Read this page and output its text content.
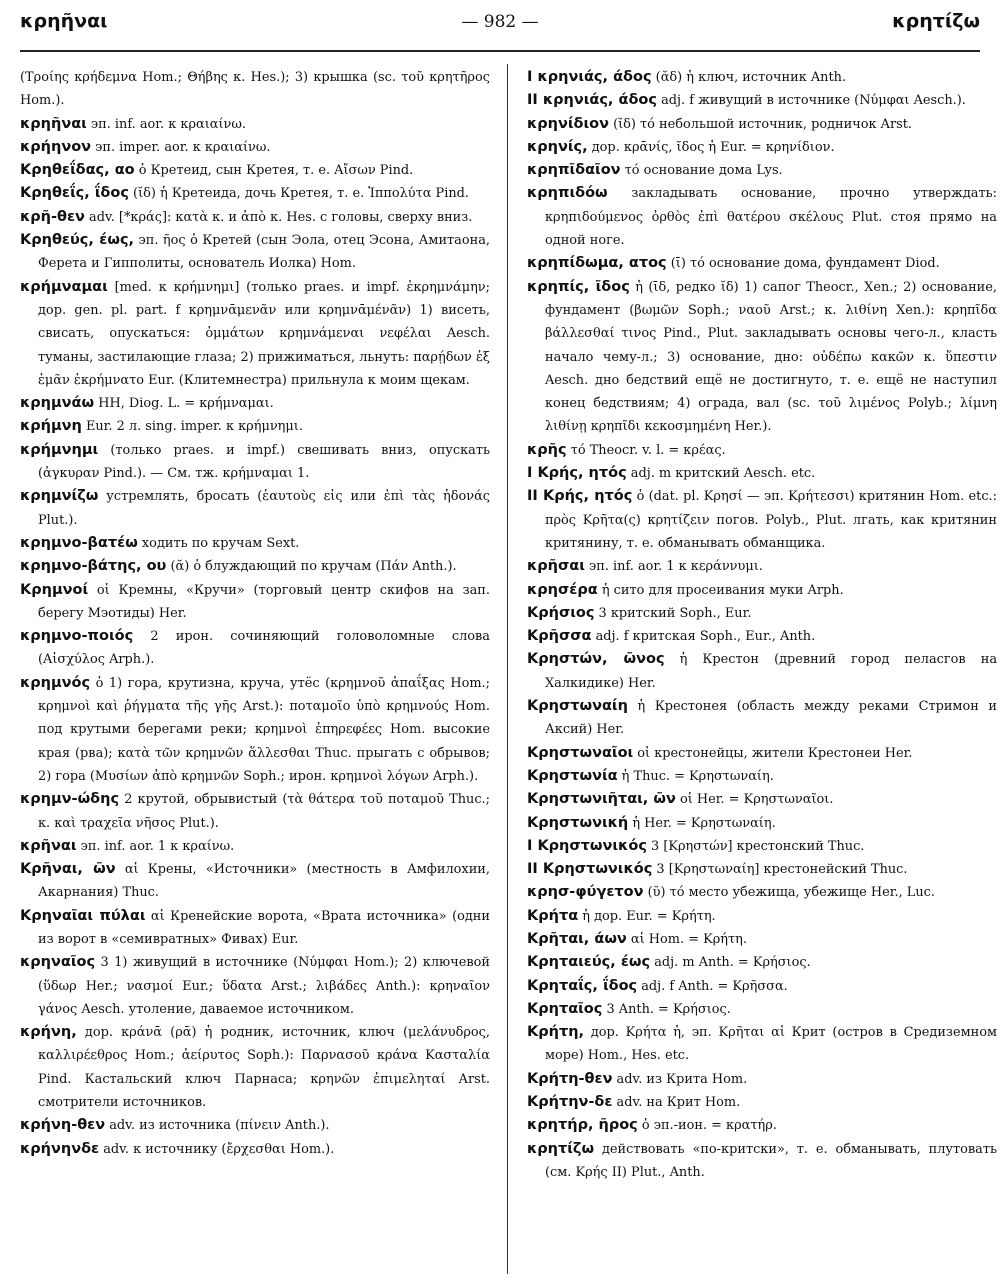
κρηῆναι	— 982 —	κρητίζω

(Τροίης κρήδεμνα Hom.; Θήβης κ. Hes.); 3) крышка (sc. τοῦ κρητῆρος Hom.).

κρηῆναι эп. inf. aor. к κραιαίνω.

κρήηνον эп. imper. aor. к κραιαίνω.

Κρηθεΐδας, αο ὁ Кретеид, сын Кретея, т. е. Αἴσων Pind.

Κρηθεΐς, ΐδος (ῐδ) ἡ Кретеида, дочь Кретея, т. е. Ἱππολύτα Pind.

κρῆ-θεν adv. [*κράς]: κατὰ κ. и ἀπὸ κ. Hes. с головы, сверху вниз.

Κρηθεύς, έως, эп. ῆος ὁ Кретей (сын Эола, отец Эсона, Амитаона, Ферета и Гипполиты, основатель Иолка) Hom.

κρήμναμαι [med. к κρήμνημι] (только praes. и impf. ἐκρημνάμην; дор. gen. pl. part. f κρημνᾱμενᾶν или κρημνᾱμένᾶν) 1) висеть, свисать, опускаться: ὀμμάτων κρημνάμεναι νεφέλαι Aesch. туманы, застилающие глаза; 2) прижиматься, льнуть: παρῄδων ἐξ ἐμᾶν ἐκρήμνατο Eur. (Клитемнестра) прильнула к моим щекам.

κρημνάω HH, Diog. L. = κρήμναμαι.

κρήμνη Eur. 2 л. sing. imper. к κρήμνημι.

κρήμνημι (только praes. и impf.) свешивать вниз, опускать (ἀγκυραν Pind.). — См. тж. κρήμναμαι 1.

κρημνίζω устремлять, бросать (ἑαυτοὺς εἰς или ἐπὶ τὰς ἡδονάς Plut.).

κρημνο-βατέω ходить по кручам Sext.

κρημνο-βάτης, ου (ᾰ) ὁ блуждающий по кручам (Πάν Anth.).

Κρημνοί οἱ Кремны, «Кручи» (торговый центр скифов на зап. берегу Мэотиды) Her.

κρημνο-ποιός 2 ирон. сочиняющий головоломные слова (Αἰσχύλος Arph.).

κρημνός ὁ 1) гора, крутизна, круча, утёс (κρημνοῦ ἀπαΐξας Hom.; κρημνοὶ καὶ ῥήγματα τῆς γῆς Arst.): ποταμοῖο ὑπὸ κρημνούς Hom. под крутыми берегами реки; κρημνοὶ ἐπηρεφέες Hom. высокие края (рва); κατὰ τῶν κρημνῶν ἅλλεσθαι Thuc. прыгать с обрывов; 2) гора (Μυσίων ἀπὸ κρημνῶν Soph.; ирон. κρημνοὶ λόγων Arph.).

κρημν-ώδης 2 крутой, обрывистый (τὰ θάτερα τοῦ ποταμοῦ Thuc.; κ. καὶ τραχεῖα νῆσος Plut.).

κρῆναι эп. inf. aor. 1 к κραίνω.

Κρῆναι, ῶν αἱ Крены, «Источники» (местность в Амфилохии, Акарнания) Thuc.

Κρηναῖαι πύλαι αἱ Кренейские ворота, «Врата источника» (одни из ворот в «семивратных» Фивах) Eur.

κρηναῖος 3 1) живущий в источнике (Νύμφαι Hom.); 2) ключевой (ὕδωρ Her.; νασμοί Eur.; ὕδατα Arst.; λιβάδες Anth.): κρηναῖον γάνος Aesch. утоление, даваемое источником.

κρήνη, дор. κράνᾱ (ρᾱ) ἡ родник, источник, ключ (μελάνυδρος, καλλιρέεθρος Hom.; ἀείρυτος Soph.): Παρνασοῦ κράνα Κασταλία Pind. Кастальский ключ Парнаса; κρηνῶν ἐπιμεληταί Arst. смотрители источников.

κρήνη-θεν adv. из источника (πίνειν Anth.).

κρήνηνδε adv. к источнику (ἔρχεσθαι Hom.).

I κρηνιάς, άδος (ᾰδ) ἡ ключ, источник Anth.

II κρηνιάς, άδος adj. f живущий в источнике (Νύμφαι Aesch.).

κρηνίδιον (ῐδ) τό небольшой источник, родничок Arst.

κρηνίς, дор. κρᾱνίς, ῖδος ἡ Eur. = κρηνίδιον.

κρηπῖδαῖον τό основание дома Lys.

κρηπιδόω закладывать основание, прочно утверждать: κρηπιδούμενος ὀρθὸς ἐπὶ θατέρου σκέλους Plut. стоя прямо на одной ноге.

κρηπίδωμα, ατος (ῑ) τό основание дома, фундамент Diod.

κρηπίς, ῖδος ἡ (ῑδ, редко ῐδ) 1) сапог Theocr., Xen.; 2) основание, фундамент (βωμῶν Soph.; ναοῦ Arst.; κ. λιθίνη Xen.): κρηπῖδα βάλλεσθαί τινος Pind., Plut. закладывать основы чего-л., класть начало чему-л.; 3) основание, дно: οὐδέπω κακῶν κ. ὕπεστιν Aesch. дно бедствий ещё не достигнуто, т. е. ещё не наступил конец бедствиям; 4) ограда, вал (sc. τοῦ λιμένος Polyb.; λίμνη λιθίνῃ κρηπῖδι κεκοσμημένη Her.).

κρῆς τό Theocr. v. l. = κρέας.

I Κρής, ητός adj. m критский Aesch. etc.

II Κρής, ητός ὁ (dat. pl. Κρησί — эп. Κρήτεσσι) критянин Hom. etc.: πρὸς Κρῆτα(ς) κρητίζειν погов. Polyb., Plut. лгать, как критянин критянину, т. е. обманывать обманщика.

κρῆσαι эп. inf. aor. 1 к κεράννυμι.

κρησέρα ἡ сито для просеивания муки Arph.

Κρήσιος 3 критский Soph., Eur.

Κρῆσσα adj. f критская Soph., Eur., Anth.

Κρηστών, ῶνος ἡ Крестон (древний город пеласгов на Халкидике) Her.

Κρηστωναίη ἡ Крестонея (область между реками Стримон и Аксий) Her.

Κρηστωναῖοι οἱ крестонейцы, жители Крестонеи Her.

Κρηστωνία ἡ Thuc. = Κρηστωναίη.

Κρηστωνιῆται, ῶν οἱ Her. = Κρηστωναῖοι.

Κρηστωνική ἡ Her. = Κρηστωναίη.

I Κρηστωνικός 3 [Κρηστών] крестонский Thuc.

II Κρηστωνικός 3 [Κρηστωναίη] крестонейский Thuc.

κρησ-φύγετον (ῠ) τό место убежища, убежище Her., Luc.

Κρήτα ἡ дор. Eur. = Κρήτη.

Κρῆται, άων αἱ Hom. = Κρήτη.

Κρηταιεύς, έως adj. m Anth. = Κρήσιος.

Κρηταΐς, ΐδος adj. f Anth. = Κρῆσσα.

Κρηταῖος 3 Anth. = Κρήσιος.

Κρήτη, дор. Κρήτα ἡ, эп. Κρῆται αἱ Крит (остров в Средиземном море) Hom., Hes. etc.

Κρήτη-θεν adv. из Крита Hom.

Κρήτην-δε adv. на Крит Hom.

κρητήρ, ῆρος ὁ эп.-ион. = κρατήρ.

κρητίζω действовать «по-критски», т. е. обманывать, плутовать (см. Κρής II) Plut., Anth.
